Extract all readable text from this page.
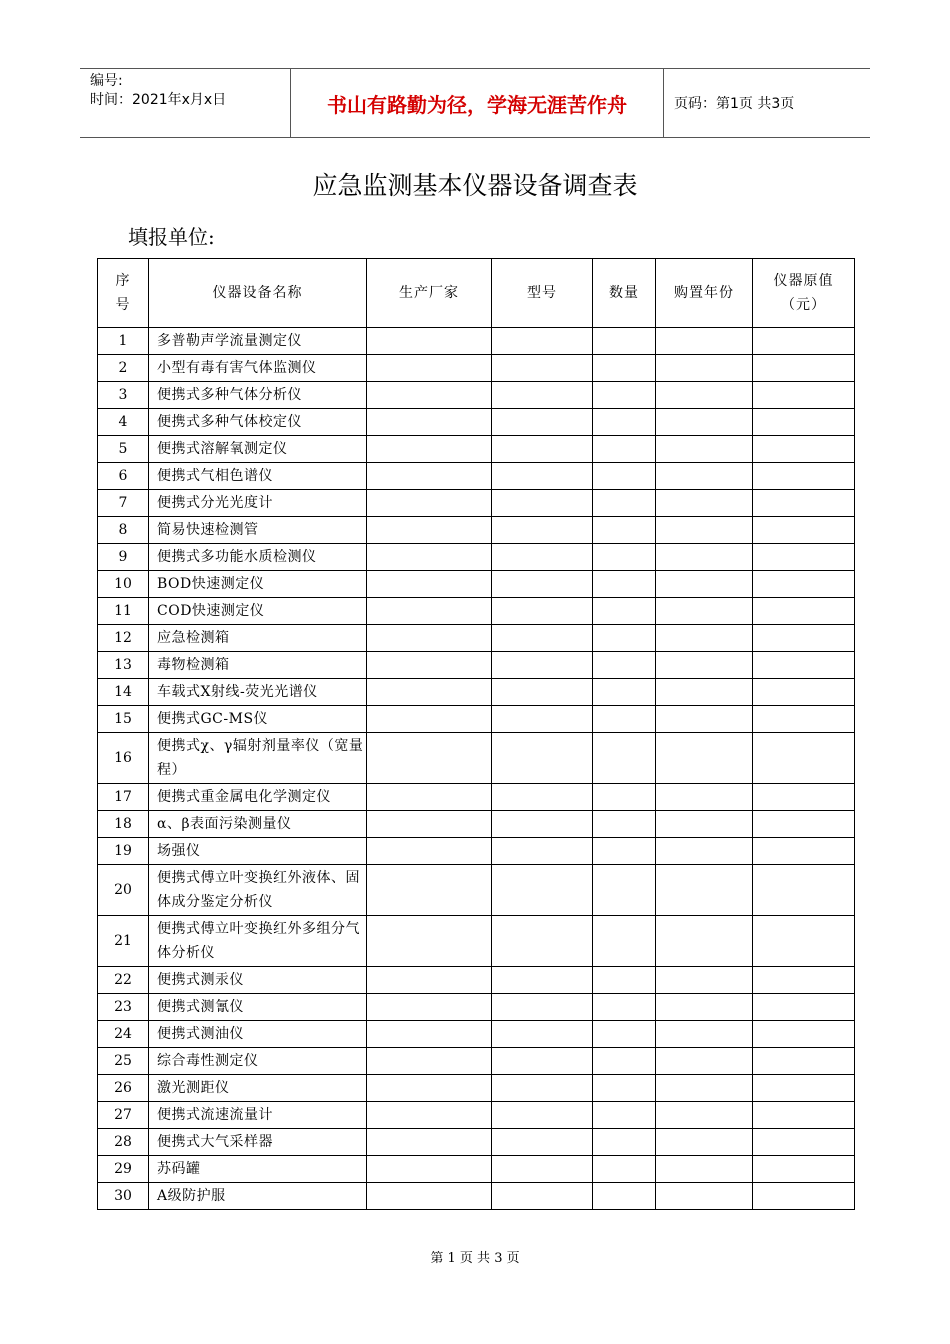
编号:
时间：2021年x月x日	书山有路勤为径，学海无涯苦作舟	页码：第1页 共3页
应急监测基本仪器设备调查表
填报单位:
序
号	仪器设备名称	生产厂家	型号	数量	购置年份	仪器原值
（元）

1	多普勒声学流量测定仪					
2	小型有毒有害气体监测仪					
3	便携式多种气体分析仪					
4	便携式多种气体校定仪					
5	便携式溶解氧测定仪					
6	便携式气相色谱仪					
7	便携式分光光度计					
8	简易快速检测管					
9	便携式多功能水质检测仪					
10	BOD快速测定仪					
11	COD快速测定仪					
12	应急检测箱					
13	毒物检测箱					
14	车载式X射线-荧光光谱仪					
15	便携式GC-MS仪					
16	便携式χ、γ辐射剂量率仪（宽量程）					
17	便携式重金属电化学测定仪					
18	α、β表面污染测量仪					
19	场强仪					
20	便携式傅立叶变换红外液体、固体成分鉴定分析仪					
21	便携式傅立叶变换红外多组分气体分析仪					
22	便携式测汞仪					
23	便携式测氰仪					
24	便携式测油仪					
25	综合毒性测定仪					
26	激光测距仪					
27	便携式流速流量计					
28	便携式大气采样器					
29	苏码罐					
30	A级防护服					
第 1 页 共 3 页
